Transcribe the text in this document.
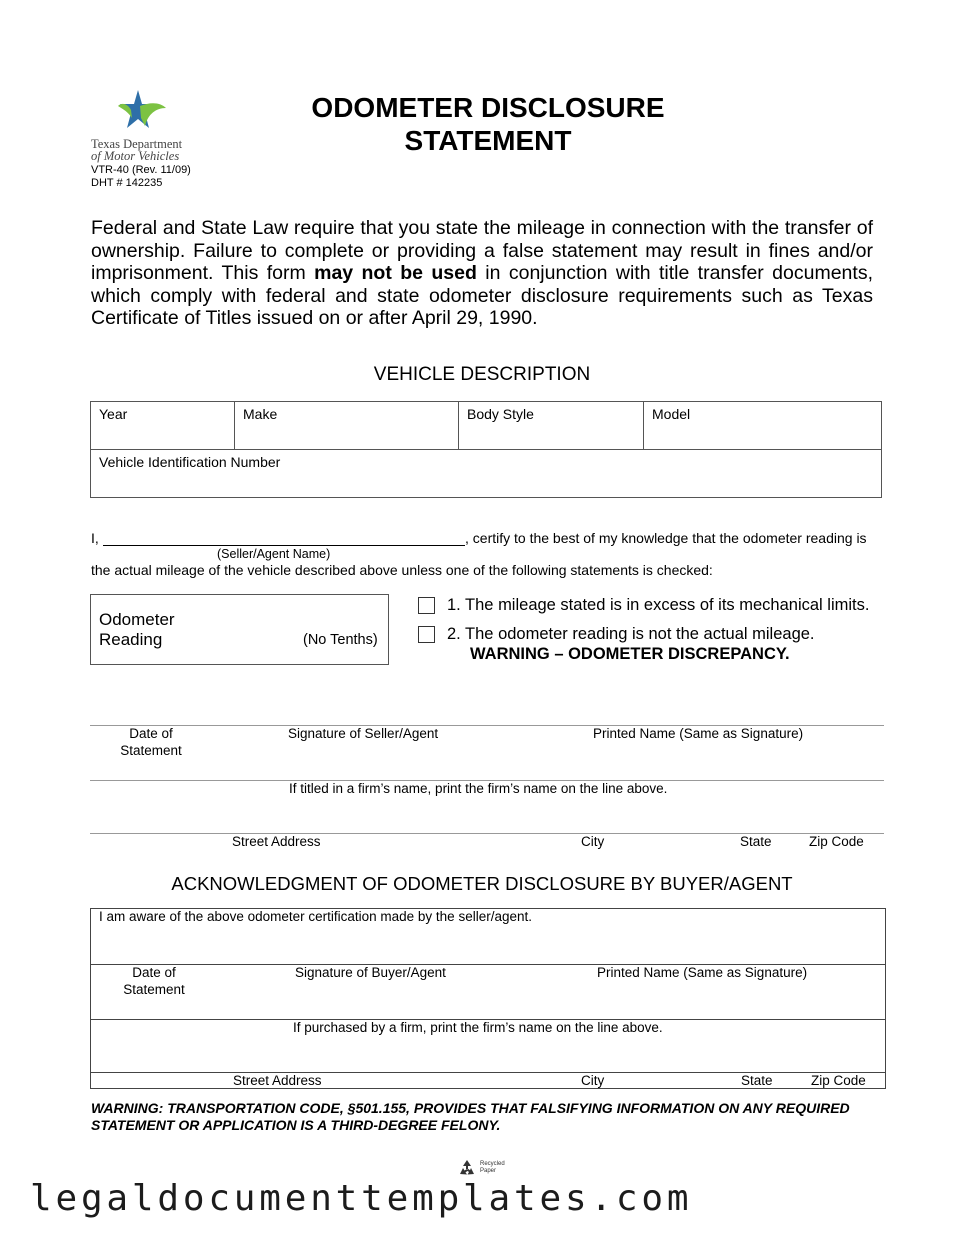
Texas Department
of Motor Vehicles
VTR-40 (Rev. 11/09)
DHT # 142235
ODOMETER DISCLOSURE
STATEMENT
Federal and State Law require that you state the mileage in connection with the transfer of ownership. Failure to complete or providing a false statement may result in fines and/or imprisonment. This form may not be used in conjunction with title transfer documents, which comply with federal and state odometer disclosure requirements such as Texas Certificate of Titles issued on or after April 29, 1990.
VEHICLE DESCRIPTION
Year	Make	Body Style	Model
Vehicle Identification Number
I,	, certify to the best of my knowledge that the odometer reading is
(Seller/Agent Name)
the actual mileage of the vehicle described above unless one of the following statements is checked:
Odometer
Reading	(No Tenths)
1. The mileage stated is in excess of its mechanical limits.
2. The odometer reading is not the actual mileage.
WARNING – ODOMETER DISCREPANCY.
Date of
Statement
Signature of Seller/Agent	Printed Name (Same as Signature)
If titled in a firm’s name, print the firm’s name on the line above.
Street Address	City	State	Zip Code
ACKNOWLEDGMENT OF ODOMETER DISCLOSURE BY BUYER/AGENT
I am aware of the above odometer certification made by the seller/agent.
Date of
Statement
Signature of Buyer/Agent	Printed Name (Same as Signature)
If purchased by a firm, print the firm’s name on the line above.
Street Address	City	State	Zip Code
WARNING: TRANSPORTATION CODE, §501.155, PROVIDES THAT FALSIFYING INFORMATION ON ANY REQUIRED
STATEMENT OR APPLICATION IS A THIRD-DEGREE FELONY.
Recycled
Paper
legaldocumenttemplates.com
